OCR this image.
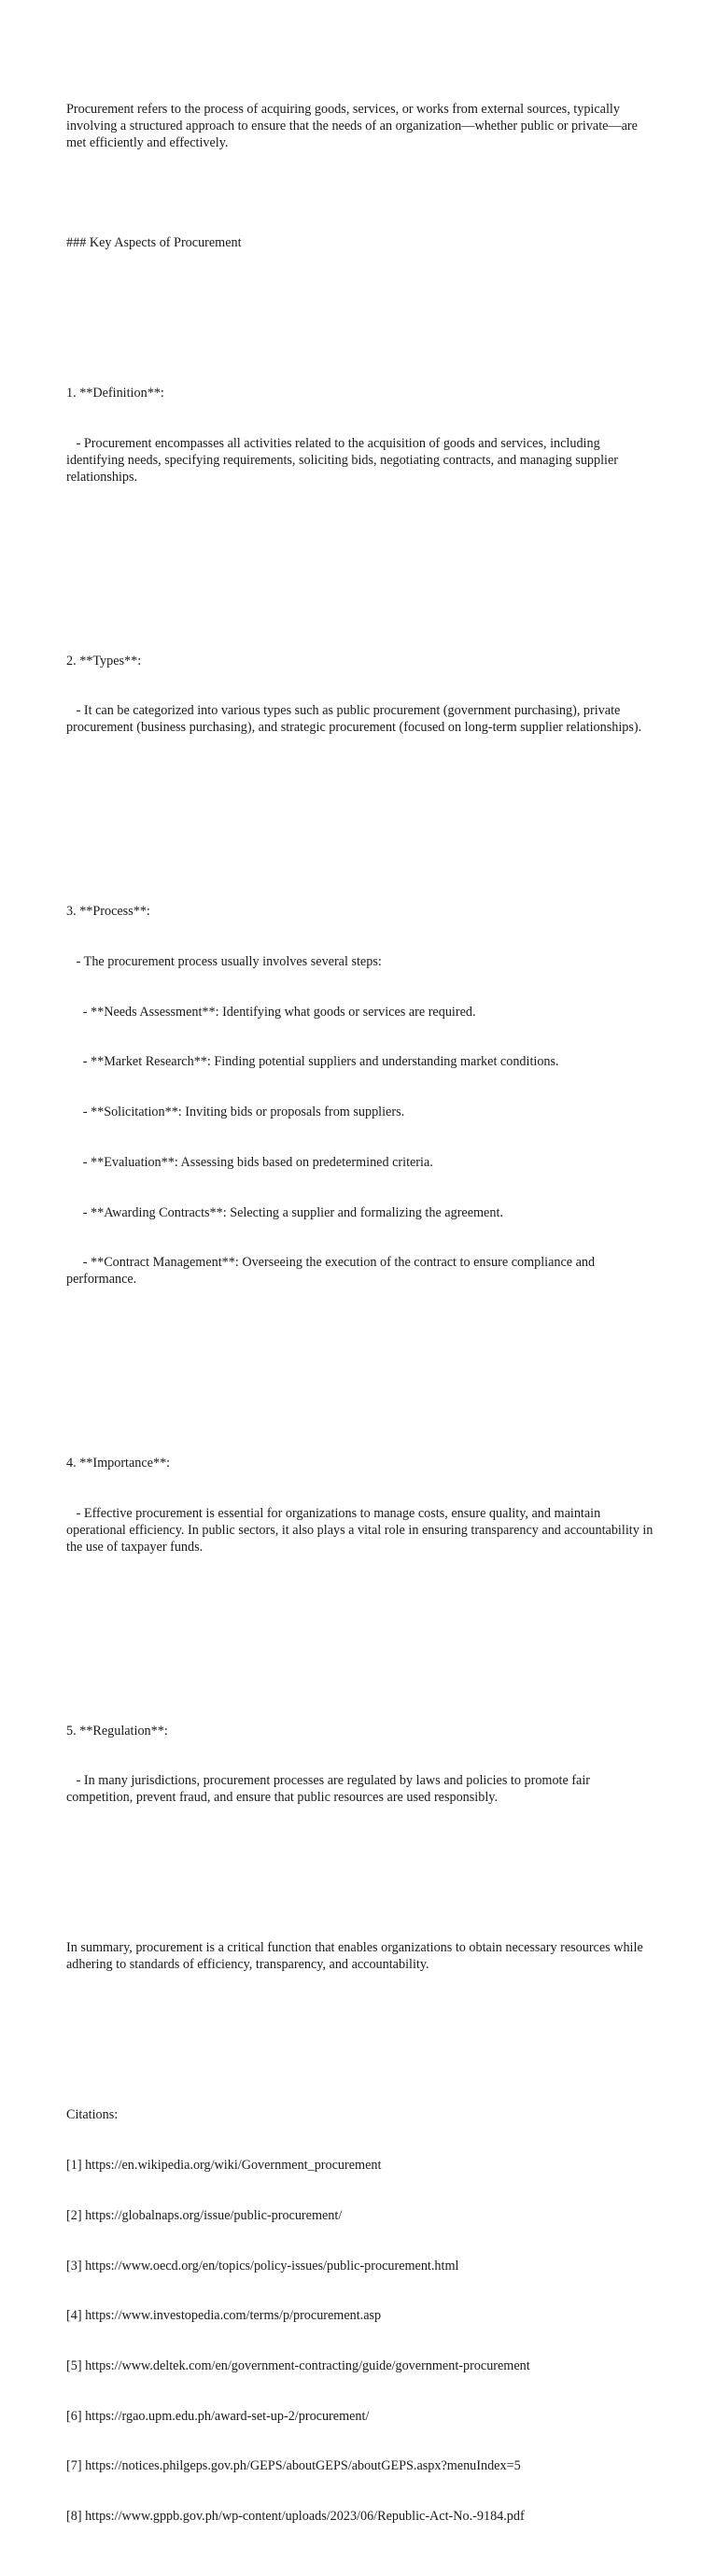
Procurement refers to the process of acquiring goods, services, or works from external sources, typically involving a structured approach to ensure that the needs of an organization—whether public or private—are met efficiently and effectively.

### Key Aspects of Procurement

1. **Definition**:

- Procurement encompasses all activities related to the acquisition of goods and services, including identifying needs, specifying requirements, soliciting bids, negotiating contracts, and managing supplier relationships.

2. **Types**:

- It can be categorized into various types such as public procurement (government purchasing), private procurement (business purchasing), and strategic procurement (focused on long-term supplier relationships).

3. **Process**:

- The procurement process usually involves several steps:

- **Needs Assessment**: Identifying what goods or services are required.

- **Market Research**: Finding potential suppliers and understanding market conditions.

- **Solicitation**: Inviting bids or proposals from suppliers.

- **Evaluation**: Assessing bids based on predetermined criteria.

- **Awarding Contracts**: Selecting a supplier and formalizing the agreement.

- **Contract Management**: Overseeing the execution of the contract to ensure compliance and performance.

4. **Importance**:

- Effective procurement is essential for organizations to manage costs, ensure quality, and maintain operational efficiency. In public sectors, it also plays a vital role in ensuring transparency and accountability in the use of taxpayer funds.

5. **Regulation**:

- In many jurisdictions, procurement processes are regulated by laws and policies to promote fair competition, prevent fraud, and ensure that public resources are used responsibly.

In summary, procurement is a critical function that enables organizations to obtain necessary resources while adhering to standards of efficiency, transparency, and accountability.

Citations:

[1] https://en.wikipedia.org/wiki/Government_procurement

[2] https://globalnaps.org/issue/public-procurement/

[3] https://www.oecd.org/en/topics/policy-issues/public-procurement.html

[4] https://www.investopedia.com/terms/p/procurement.asp

[5] https://www.deltek.com/en/government-contracting/guide/government-procurement

[6] https://rgao.upm.edu.ph/award-set-up-2/procurement/

[7] https://notices.philgeps.gov.ph/GEPS/aboutGEPS/aboutGEPS.aspx?menuIndex=5

[8] https://www.gppb.gov.ph/wp-content/uploads/2023/06/Republic-Act-No.-9184.pdf
